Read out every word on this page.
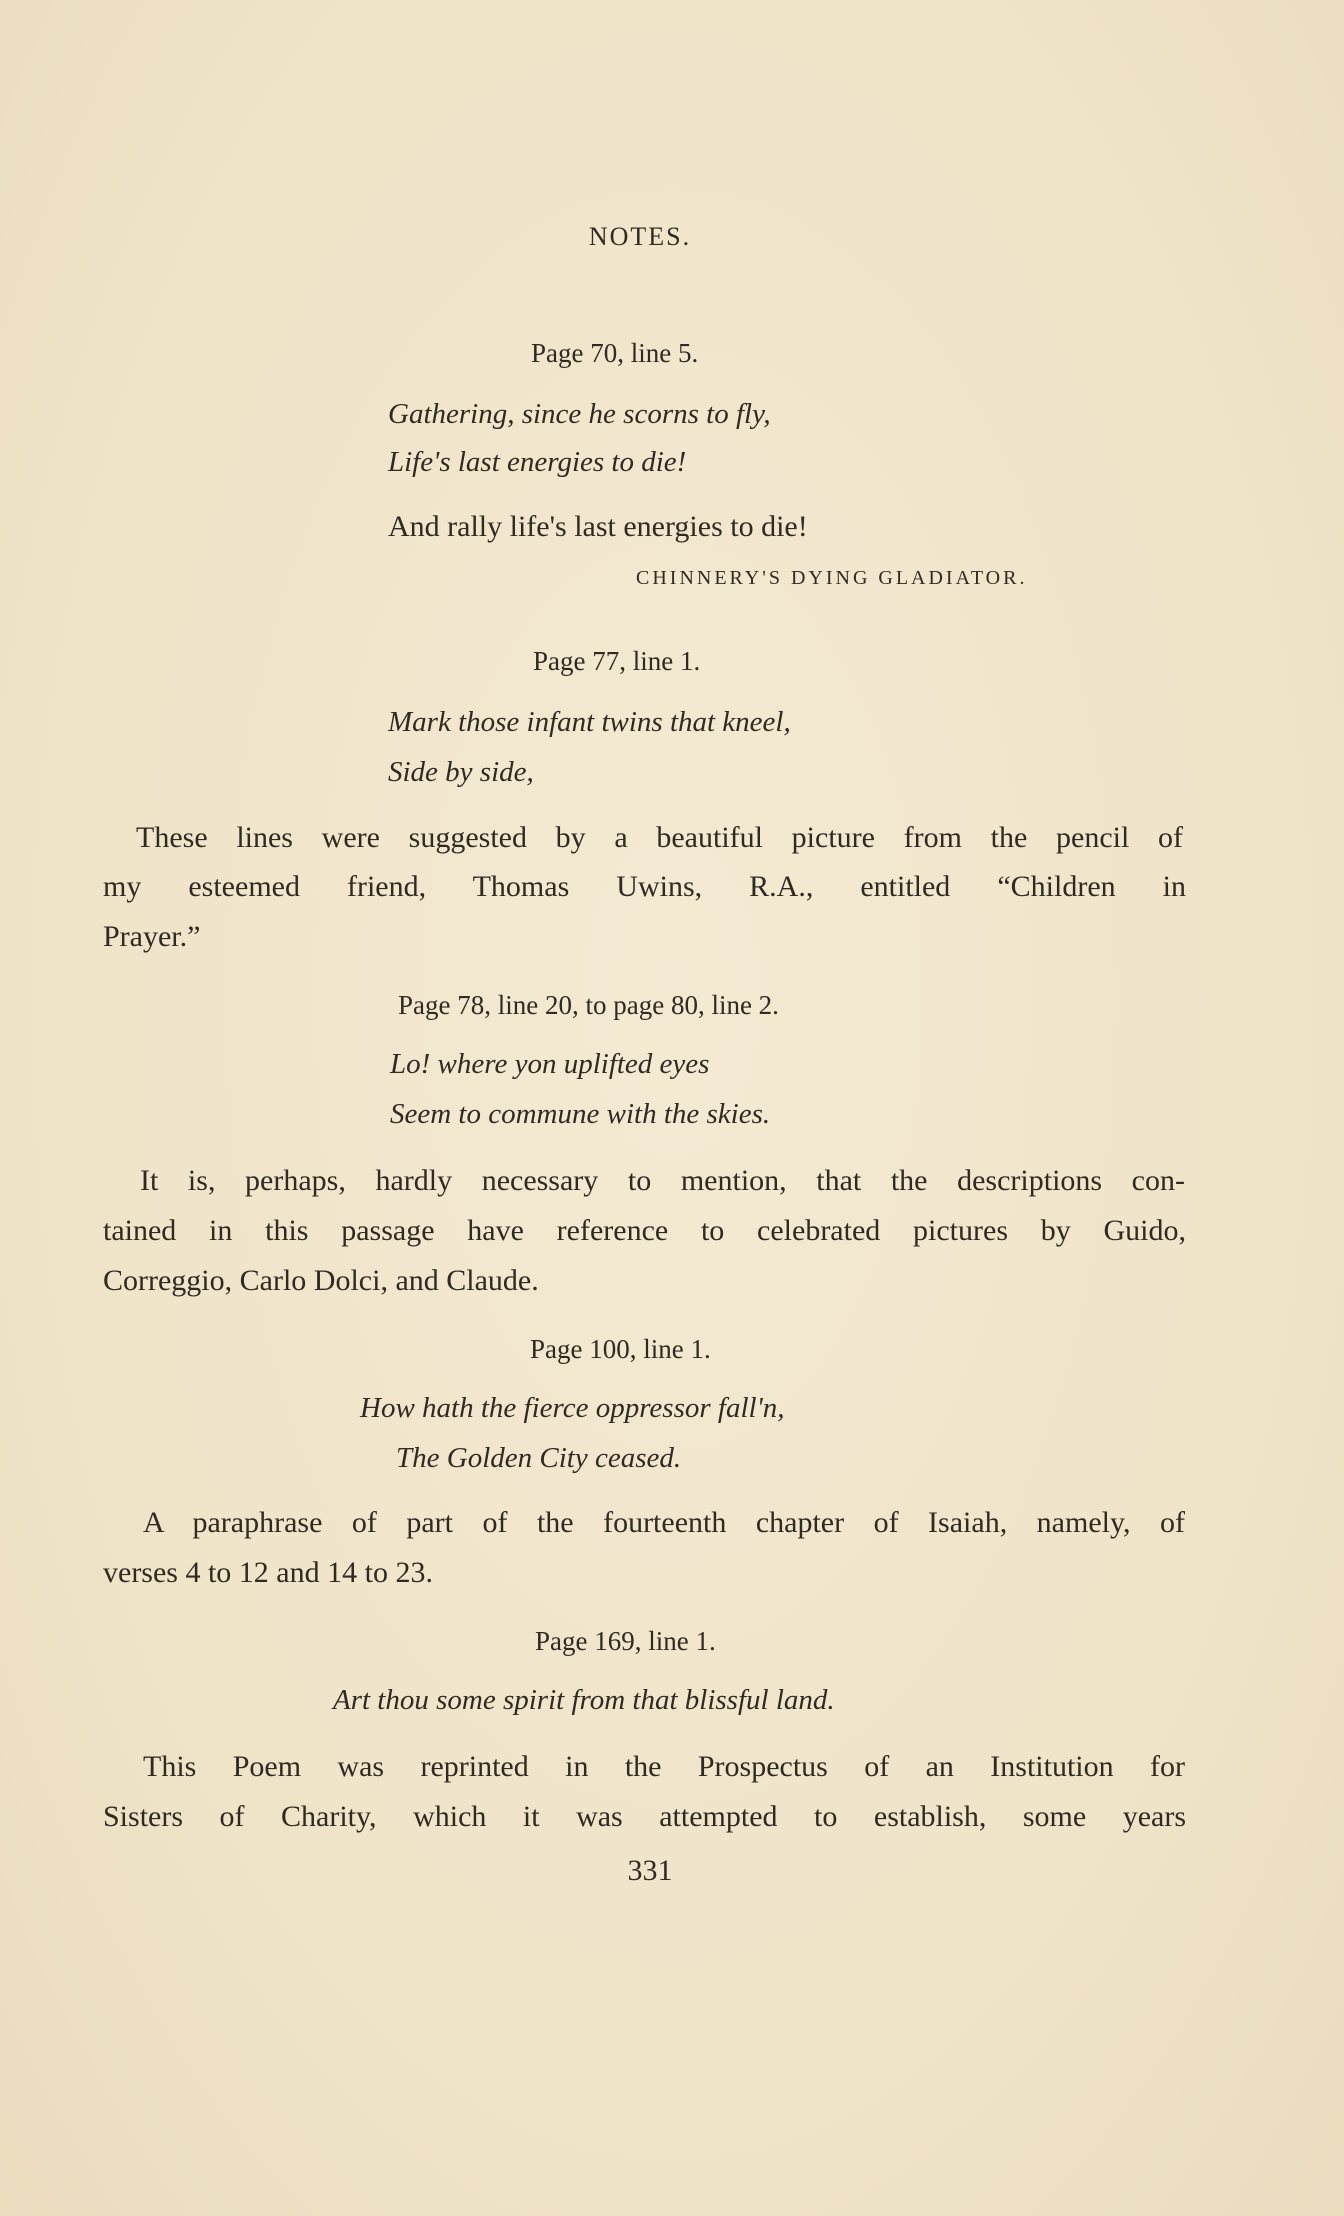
NOTES.
Page 70, line 5.
Gathering, since he scorns to fly,
Life's last energies to die!
And rally life's last energies to die!
CHINNERY'S DYING GLADIATOR.
Page 77, line 1.
Mark those infant twins that kneel,
Side by side,
These lines were suggested by a beautiful picture from the pencil of
my esteemed friend, Thomas Uwins, R.A., entitled “Children in
Prayer.”
Page 78, line 20, to page 80, line 2.
Lo! where yon uplifted eyes
Seem to commune with the skies.
It is, perhaps, hardly necessary to mention, that the descriptions con-
tained in this passage have reference to celebrated pictures by Guido,
Correggio, Carlo Dolci, and Claude.
Page 100, line 1.
How hath the fierce oppressor fall'n,
The Golden City ceased.
A paraphrase of part of the fourteenth chapter of Isaiah, namely, of
verses 4 to 12 and 14 to 23.
Page 169, line 1.
Art thou some spirit from that blissful land.
This Poem was reprinted in the Prospectus of an Institution for
Sisters of Charity, which it was attempted to establish, some years
331
